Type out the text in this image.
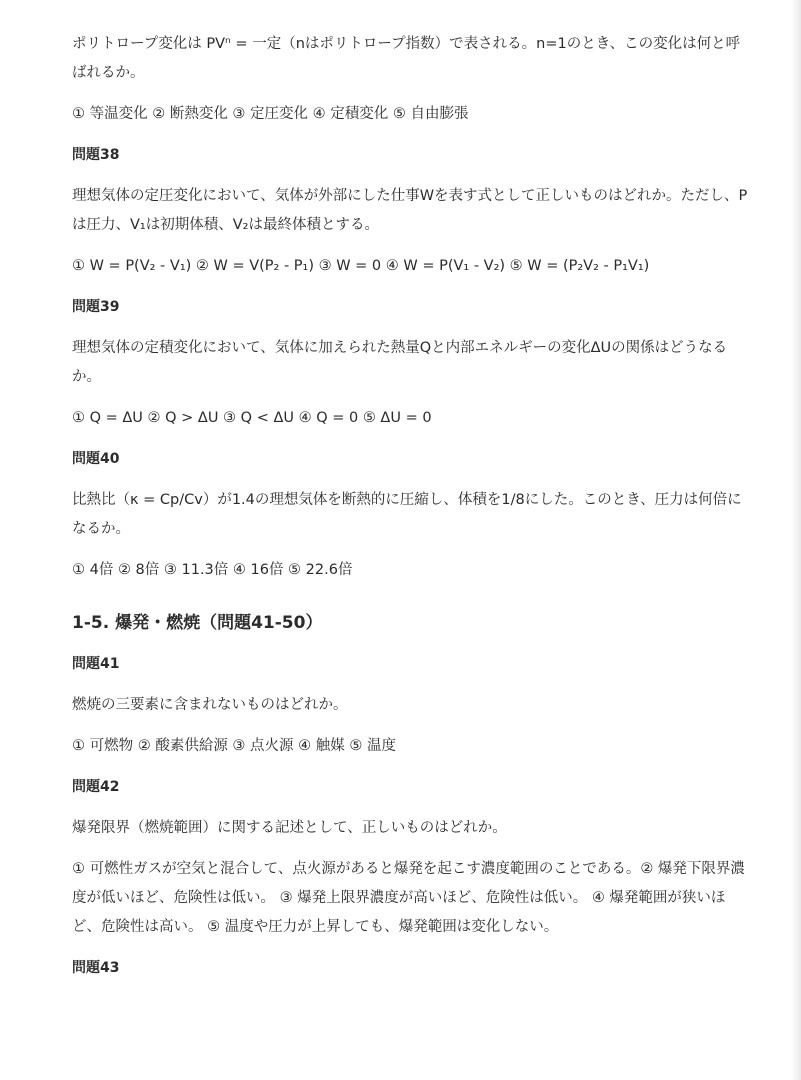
ポリトロープ変化は PVⁿ = 一定（nはポリトロープ指数）で表される。n=1のとき、この変化は何と呼ばれるか。

① 等温変化 ② 断熱変化 ③ 定圧変化 ④ 定積変化 ⑤ 自由膨張

問題38

理想気体の定圧変化において、気体が外部にした仕事Wを表す式として正しいものはどれか。ただし、Pは圧力、V₁は初期体積、V₂は最終体積とする。

① W = P(V₂ - V₁) ② W = V(P₂ - P₁) ③ W = 0 ④ W = P(V₁ - V₂) ⑤ W = (P₂V₂ - P₁V₁)

問題39

理想気体の定積変化において、気体に加えられた熱量Qと内部エネルギーの変化ΔUの関係はどうなるか。

① Q = ΔU ② Q > ΔU ③ Q < ΔU ④ Q = 0 ⑤ ΔU = 0

問題40

比熱比（κ = Cp/Cv）が1.4の理想気体を断熱的に圧縮し、体積を1/8にした。このとき、圧力は何倍になるか。

① 4倍 ② 8倍 ③ 11.3倍 ④ 16倍 ⑤ 22.6倍

1-5. 爆発・燃焼（問題41-50）

問題41

燃焼の三要素に含まれないものはどれか。

① 可燃物 ② 酸素供給源 ③ 点火源 ④ 触媒 ⑤ 温度

問題42

爆発限界（燃焼範囲）に関する記述として、正しいものはどれか。

① 可燃性ガスが空気と混合して、点火源があると爆発を起こす濃度範囲のことである。② 爆発下限界濃度が低いほど、危険性は低い。 ③ 爆発上限界濃度が高いほど、危険性は低い。 ④ 爆発範囲が狭いほど、危険性は高い。 ⑤ 温度や圧力が上昇しても、爆発範囲は変化しない。

問題43
